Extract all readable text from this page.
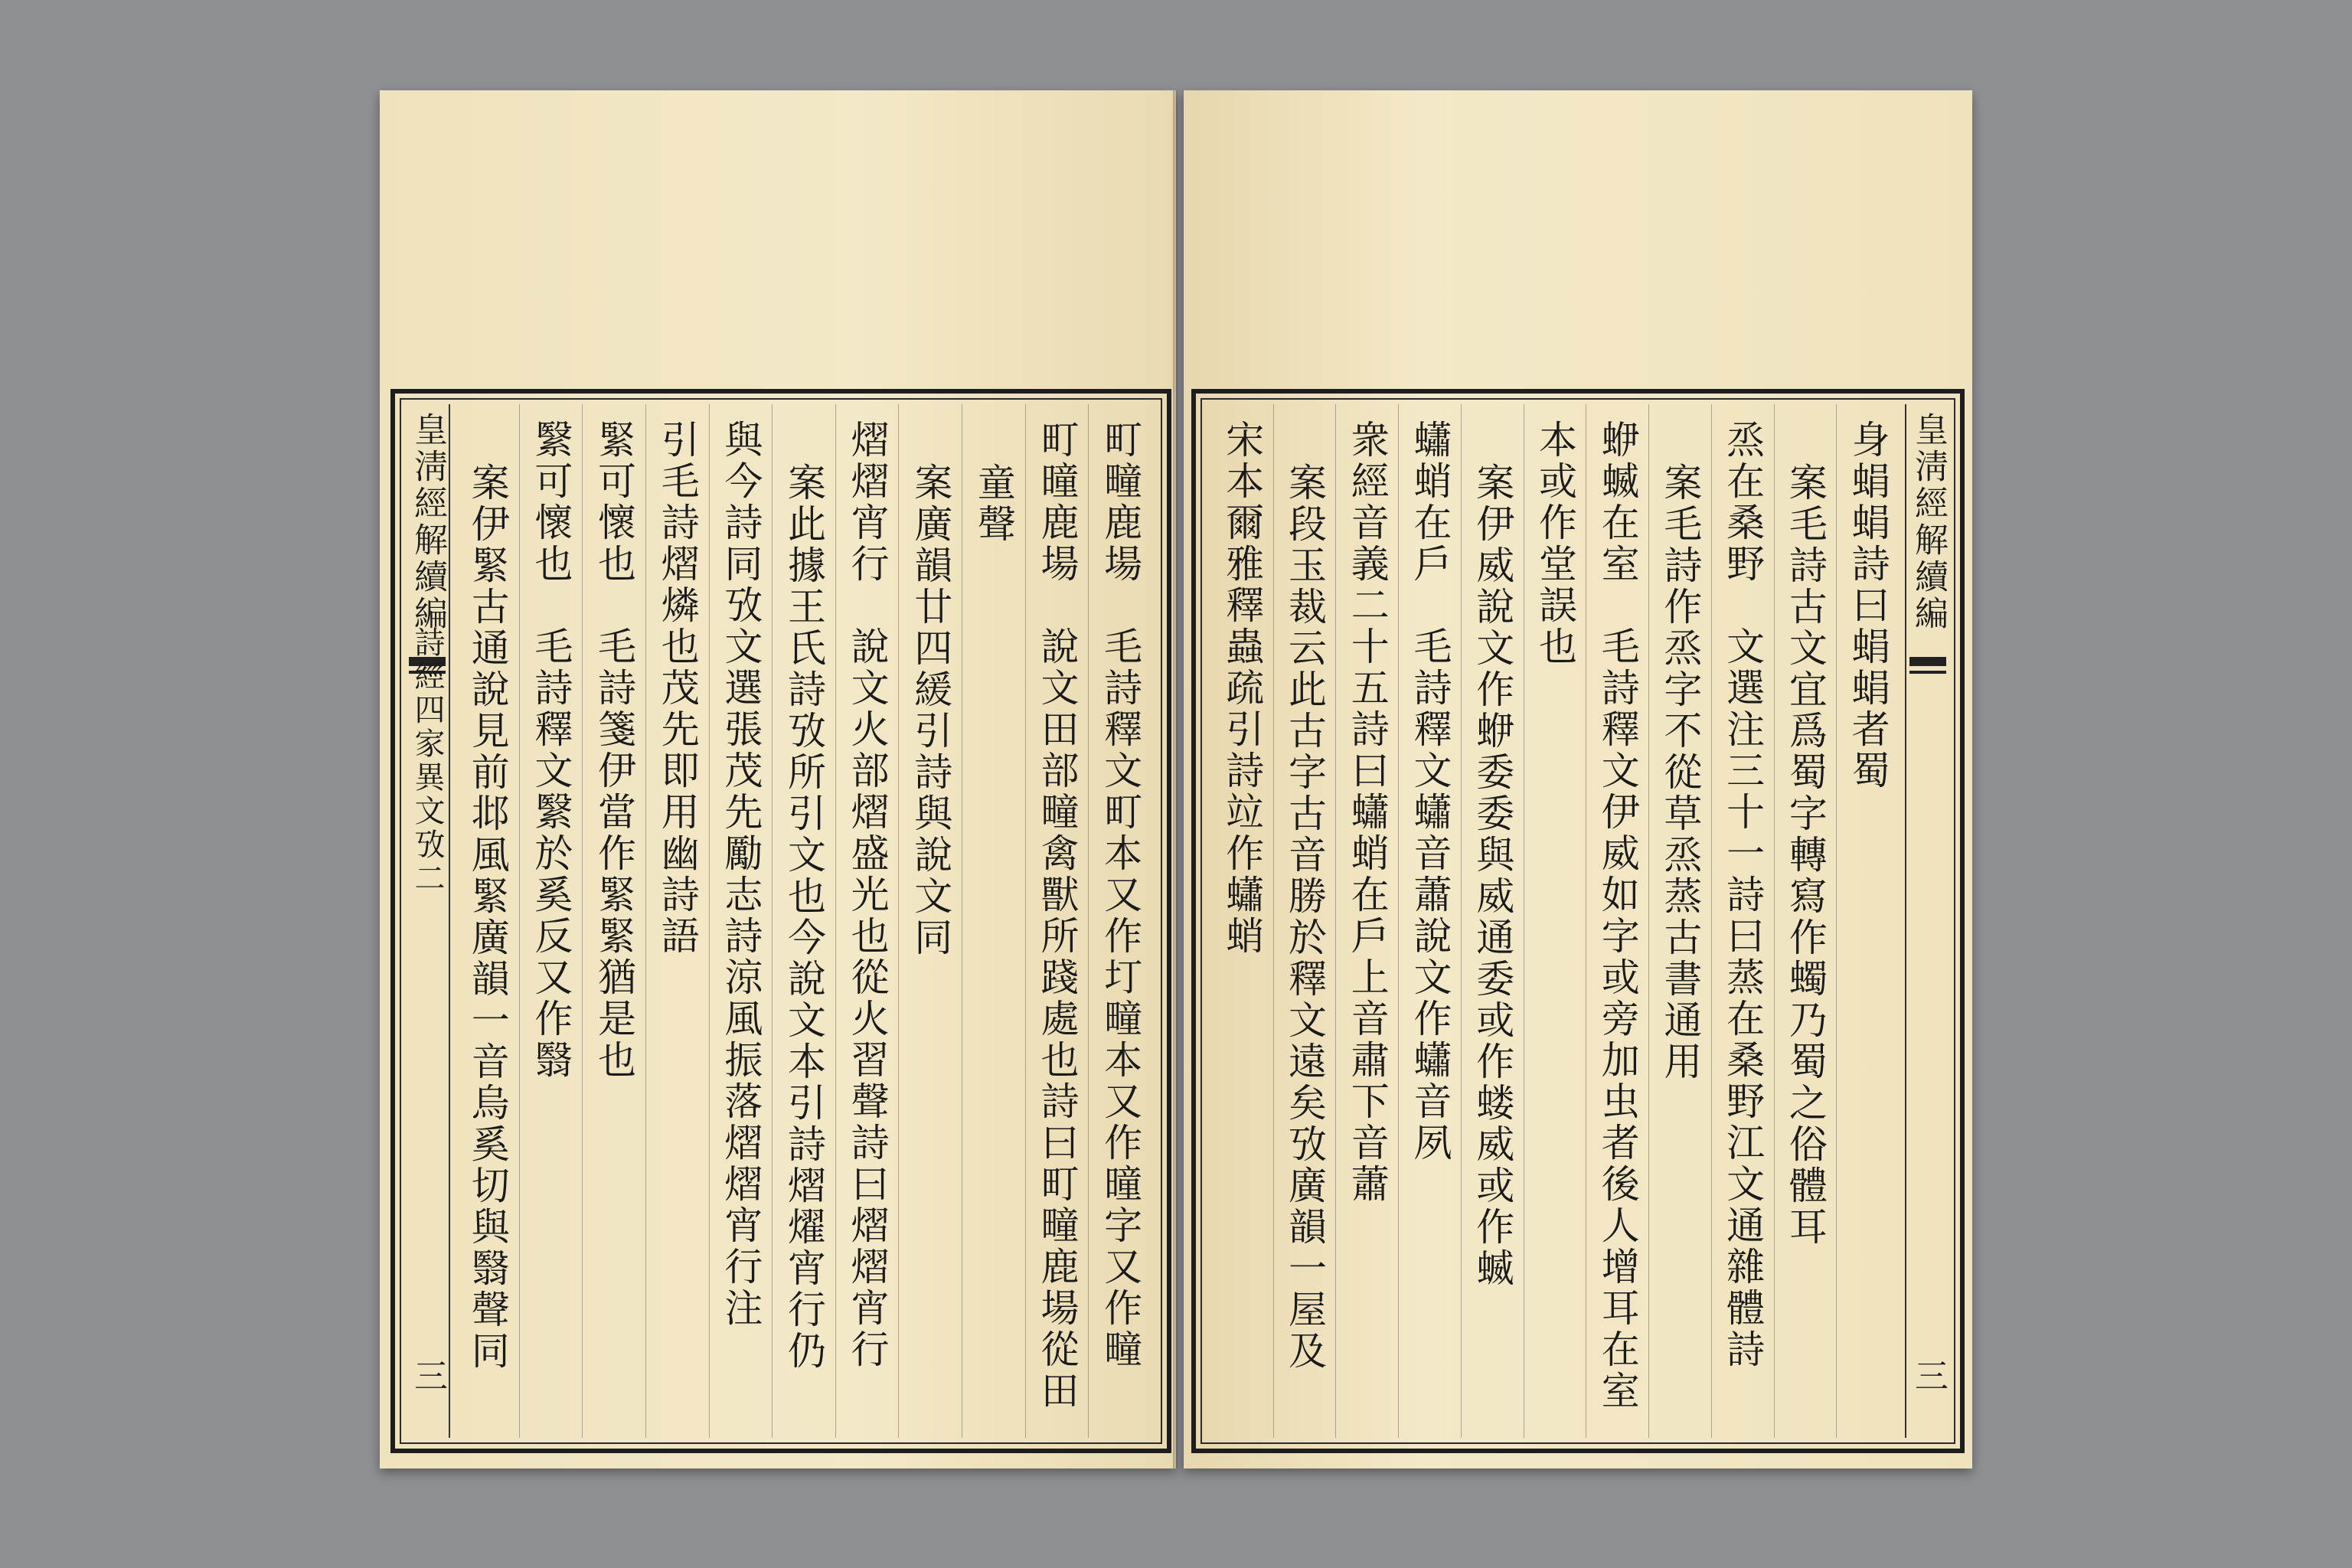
皇淸經解續編
詩經四家異文攷二
三
町疃鹿場　毛詩釋文町本又作圢疃本又作曈字又作疃
町曈鹿場　說文田部疃禽獸所踐處也詩曰町疃鹿場從田
童聲
案廣韻廿四緩引詩與說文同
熠熠宵行　說文火部熠盛光也從火習聲詩曰熠熠宵行
案此據王氏詩攷所引文也今說文本引詩熠燿宵行仍
與今詩同攷文選張茂先勵志詩涼風振落熠熠宵行注
引毛詩熠燐也茂先即用幽詩語
緊可懷也　毛詩箋伊當作緊緊猶是也
繄可懷也　毛詩釋文繄於奚反又作翳
案伊緊古通說見前邶風緊廣韻一音烏奚切與翳聲同	皇淸經解續編
三
身蜎蜎詩曰蜎蜎者蜀
案毛詩古文宜爲蜀字轉寫作蠋乃蜀之俗體耳
烝在桑野　文選注三十一詩曰蒸在桑野江文通雜體詩
案毛詩作烝字不從草烝蒸古書通用
蛜蝛在室　毛詩釋文伊威如字或旁加虫者後人增耳在室
本或作堂誤也
案伊威說文作蛜委委與威通委或作蝼威或作蝛
蠨蛸在戶　毛詩釋文蠨音蕭說文作蠨音夙
衆經音義二十五詩曰蠨蛸在戶上音肅下音蕭
案段玉裁云此古字古音勝於釋文遠矣攷廣韻一屋及
宋本爾雅釋蟲疏引詩竝作蠨蛸
